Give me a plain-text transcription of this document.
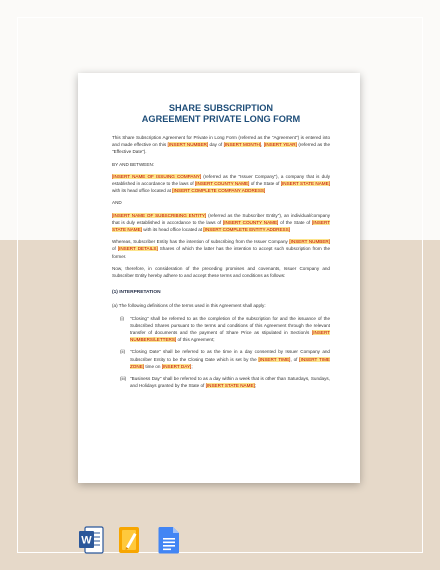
SHARE SUBSCRIPTION
AGREEMENT PRIVATE LONG FORM

This Share Subscription Agreement for Private in Long Form (referred as the "Agreement") is entered into and made effective on this [INSERT NUMBER] day of [INSERT MONTH], [INSERT YEAR] (referred as the "Effective Date").

BY AND BETWEEN:

[INSERT NAME OF ISSUING COMPANY] (referred as the "Issuer Company"), a company that is duly established in accordance to the laws of [INSERT COUNTY NAME] of the State of [INSERT STATE NAME] with its head office located at [INSERT COMPLETE COMPANY ADDRESS]

AND

[INSERT NAME OF SUBSCRIBING ENTITY] (referred as the Subscriber Entity"), an individual/company that is duly established in accordance to the laws of [INSERT COUNTY NAME] of the State of [INSERT STATE NAME] with its head office located at [INSERT COMPLETE ENTITY ADDRESS]

Whereas, Subscriber Entity has the intention of subscribing from the Issuer Company [INSERT NUMBER] of [INSERT DETAILS] Shares of which the latter has the intention to accept such subscription from the former.

Now, therefore, in consideration of the preceding promises and covenants, Issuer Company and Subscriber Entity hereby adhere to and accept these terms and conditions as follows:

(1) INTERPRETATION

(a) The following definitions of the terms used in this Agreement shall apply:

(i)	"Closing" shall be referred to as the completion of the subscription for and the issuance of the Subscribed Shares pursuant to the terms and conditions of this Agreement through the relevant transfer of documents and the payment of Share Price as stipulated in Section/s [INSERT NUMBERS/LETTERS] of this Agreement;
(ii)	"Closing Date" shall be referred to as the time in a day consented by Issuer Company and Subscriber Entity to be the Closing Date which is set by the [INSERT TIME], of [INSERT TIME ZONE] time on [INSERT DAY];
(iii) "Business Day" shall be referred to as a day within a week that is other than Saturdays, Sundays, and Holidays granted by the State of [INSERT STATE NAME];
W
